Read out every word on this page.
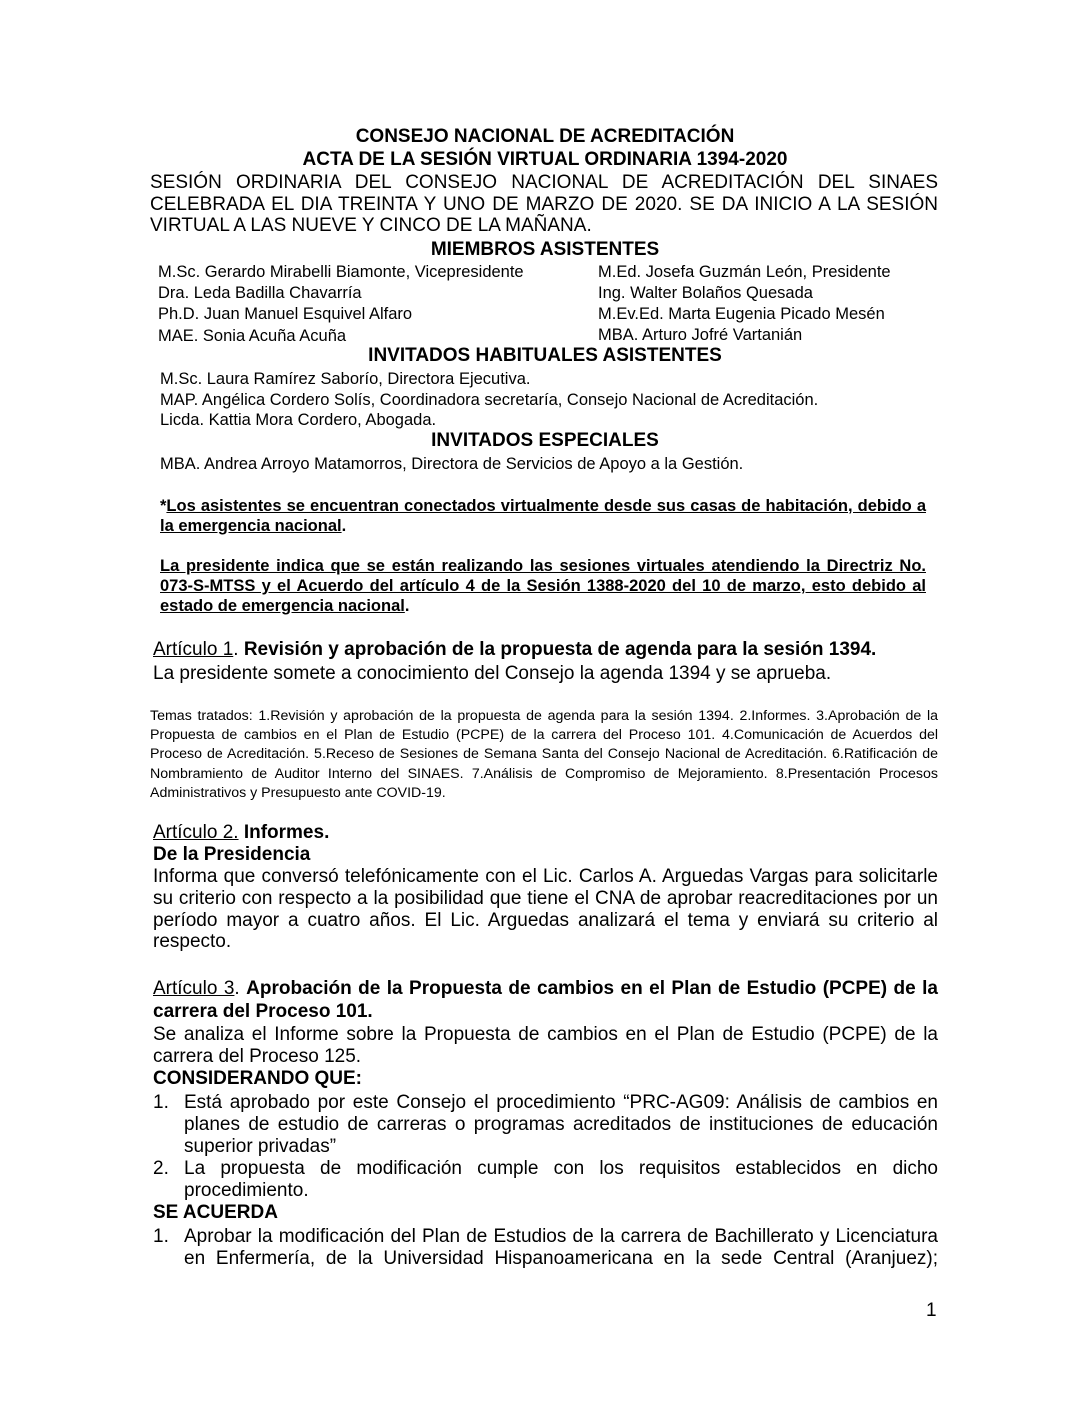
CONSEJO NACIONAL DE ACREDITACIÓN
ACTA DE LA SESIÓN VIRTUAL ORDINARIA 1394-2020
SESIÓN ORDINARIA DEL CONSEJO NACIONAL DE ACREDITACIÓN DEL SINAES CELEBRADA EL DIA TREINTA Y UNO DE MARZO DE 2020. SE DA INICIO A LA SESIÓN VIRTUAL A LAS NUEVE Y CINCO DE LA MAÑANA.
MIEMBROS ASISTENTES
M.Sc. Gerardo Mirabelli Biamonte, Vicepresidente
Dra. Leda Badilla Chavarría
Ph.D. Juan Manuel Esquivel Alfaro
MAE. Sonia Acuña Acuña
M.Ed. Josefa Guzmán León, Presidente
Ing. Walter Bolaños Quesada
M.Ev.Ed. Marta Eugenia Picado Mesén
MBA. Arturo Jofré Vartanián
INVITADOS HABITUALES ASISTENTES
M.Sc. Laura Ramírez Saborío, Directora Ejecutiva.
MAP. Angélica Cordero Solís, Coordinadora secretaría, Consejo Nacional de Acreditación.
Licda. Kattia Mora Cordero, Abogada.
INVITADOS ESPECIALES
MBA. Andrea Arroyo Matamorros, Directora de Servicios de Apoyo a la Gestión.
*Los asistentes se encuentran conectados virtualmente desde sus casas de habitación, debido a la emergencia nacional.
La presidente indica que se están realizando las sesiones virtuales atendiendo la Directriz No. 073-S-MTSS y el Acuerdo del artículo 4 de la Sesión 1388-2020 del 10 de marzo, esto debido al estado de emergencia nacional.
Artículo 1. Revisión y aprobación de la propuesta de agenda para la sesión 1394.
La presidente somete a conocimiento del Consejo la agenda 1394 y se aprueba.
Temas tratados: 1.Revisión y aprobación de la propuesta de agenda para la sesión 1394. 2.Informes. 3.Aprobación de la Propuesta de cambios en el Plan de Estudio (PCPE) de la carrera del Proceso 101. 4.Comunicación de Acuerdos del Proceso de Acreditación. 5.Receso de Sesiones de Semana Santa del Consejo Nacional de Acreditación. 6.Ratificación de Nombramiento de Auditor Interno del SINAES. 7.Análisis de Compromiso de Mejoramiento. 8.Presentación Procesos Administrativos y Presupuesto ante COVID-19.
Artículo 2. Informes.
De la Presidencia
Informa que conversó telefónicamente con el Lic. Carlos A. Arguedas Vargas para solicitarle su criterio con respecto a la posibilidad que tiene el CNA de aprobar reacreditaciones por un período mayor a cuatro años. El Lic. Arguedas analizará el tema y enviará su criterio al respecto.
Artículo 3. Aprobación de la Propuesta de cambios en el Plan de Estudio (PCPE) de la carrera del Proceso 101.
Se analiza el Informe sobre la Propuesta de cambios en el Plan de Estudio (PCPE) de la carrera del Proceso 125.
CONSIDERANDO QUE:
1. Está aprobado por este Consejo el procedimiento “PRC-AG09: Análisis de cambios en planes de estudio de carreras o programas acreditados de instituciones de educación superior privadas”
2. La propuesta de modificación cumple con los requisitos establecidos en dicho procedimiento.
SE ACUERDA
1. Aprobar la modificación del Plan de Estudios de la carrera de Bachillerato y Licenciatura en Enfermería, de la Universidad Hispanoamericana en la sede Central (Aranjuez);
1
